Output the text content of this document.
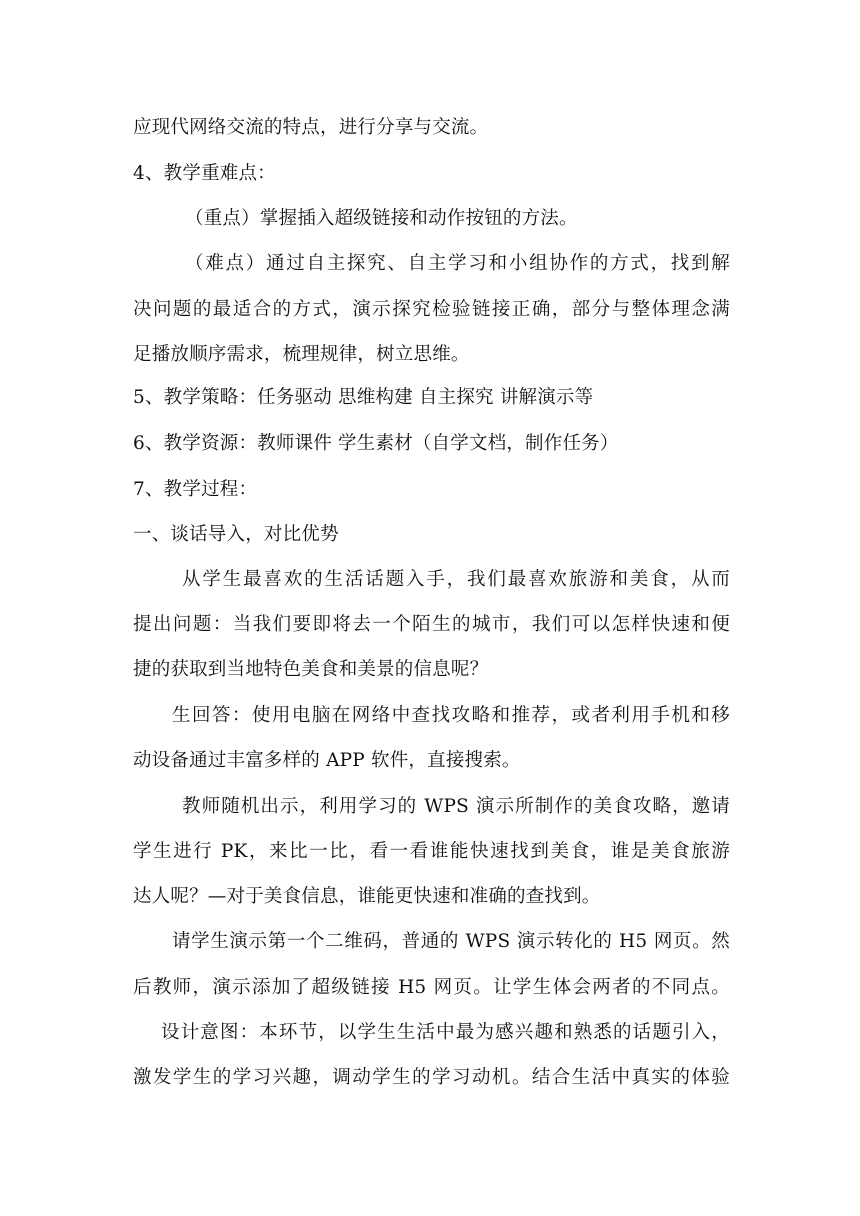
应现代网络交流的特点，进行分享与交流。
4、教学重难点：
（重点）掌握插入超级链接和动作按钮的方法。
（难点）通过自主探究、自主学习和小组协作的方式，找到解
决问题的最适合的方式，演示探究检验链接正确，部分与整体理念满
足播放顺序需求，梳理规律，树立思维。
5、教学策略：任务驱动 思维构建 自主探究 讲解演示等
6、教学资源：教师课件 学生素材（自学文档，制作任务）
7、教学过程：
一、谈话导入，对比优势
从学生最喜欢的生活话题入手，我们最喜欢旅游和美食，从而
提出问题：当我们要即将去一个陌生的城市，我们可以怎样快速和便
捷的获取到当地特色美食和美景的信息呢？
生回答：使用电脑在网络中查找攻略和推荐，或者利用手机和移
动设备通过丰富多样的 APP 软件，直接搜索。
教师随机出示，利用学习的 WPS 演示所制作的美食攻略，邀请
学生进行 PK，来比一比，看一看谁能快速找到美食，谁是美食旅游
达人呢？—对于美食信息，谁能更快速和准确的查找到。
请学生演示第一个二维码，普通的 WPS 演示转化的 H5 网页。然
后教师，演示添加了超级链接 H5 网页。让学生体会两者的不同点。
设计意图：本环节，以学生生活中最为感兴趣和熟悉的话题引入，
激发学生的学习兴趣，调动学生的学习动机。结合生活中真实的体验
